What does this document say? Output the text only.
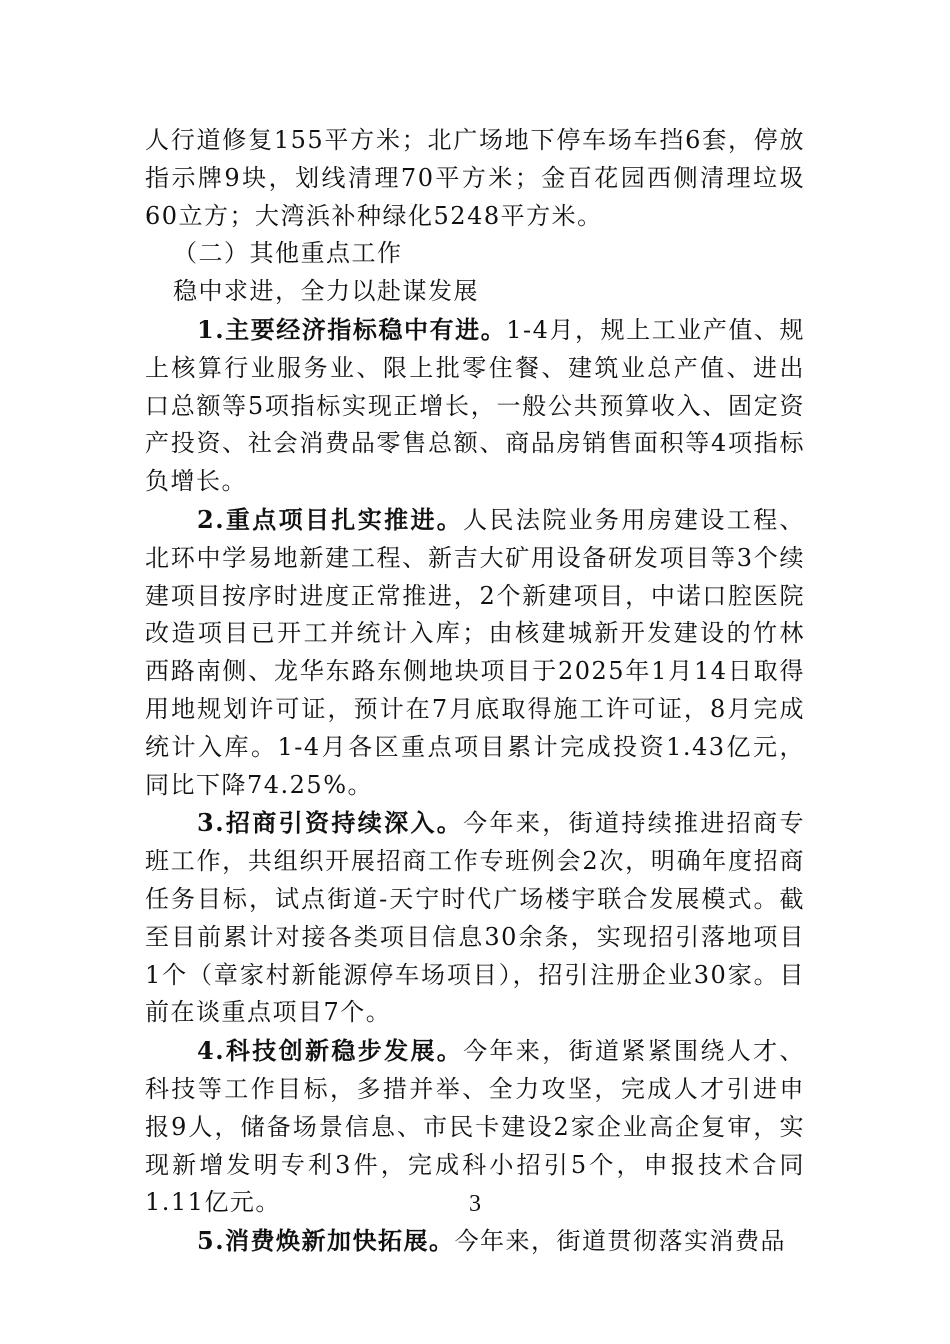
人行道修复155平方米；北广场地下停车场车挡6套，停放指示牌9块，划线清理70平方米；金百花园西侧清理垃圾60立方；大湾浜补种绿化5248平方米。

（二）其他重点工作

稳中求进，全力以赴谋发展

1.主要经济指标稳中有进。1-4月，规上工业产值、规上核算行业服务业、限上批零住餐、建筑业总产值、进出口总额等5项指标实现正增长，一般公共预算收入、固定资产投资、社会消费品零售总额、商品房销售面积等4项指标负增长。

2.重点项目扎实推进。人民法院业务用房建设工程、北环中学易地新建工程、新吉大矿用设备研发项目等3个续建项目按序时进度正常推进，2个新建项目，中诺口腔医院改造项目已开工并统计入库；由核建城新开发建设的竹林西路南侧、龙华东路东侧地块项目于2025年1月14日取得用地规划许可证，预计在7月底取得施工许可证，8月完成统计入库。1-4月各区重点项目累计完成投资1.43亿元，同比下降74.25%。

3.招商引资持续深入。今年来，街道持续推进招商专班工作，共组织开展招商工作专班例会2次，明确年度招商任务目标，试点街道-天宁时代广场楼宇联合发展模式。截至目前累计对接各类项目信息30余条，实现招引落地项目1个（章家村新能源停车场项目），招引注册企业30家。目前在谈重点项目7个。

4.科技创新稳步发展。今年来，街道紧紧围绕人才、科技等工作目标，多措并举、全力攻坚，完成人才引进申报9人，储备场景信息、市民卡建设2家企业高企复审，实现新增发明专利3件，完成科小招引5个，申报技术合同1.11亿元。

5.消费焕新加快拓展。今年来，街道贯彻落实消费品

3
